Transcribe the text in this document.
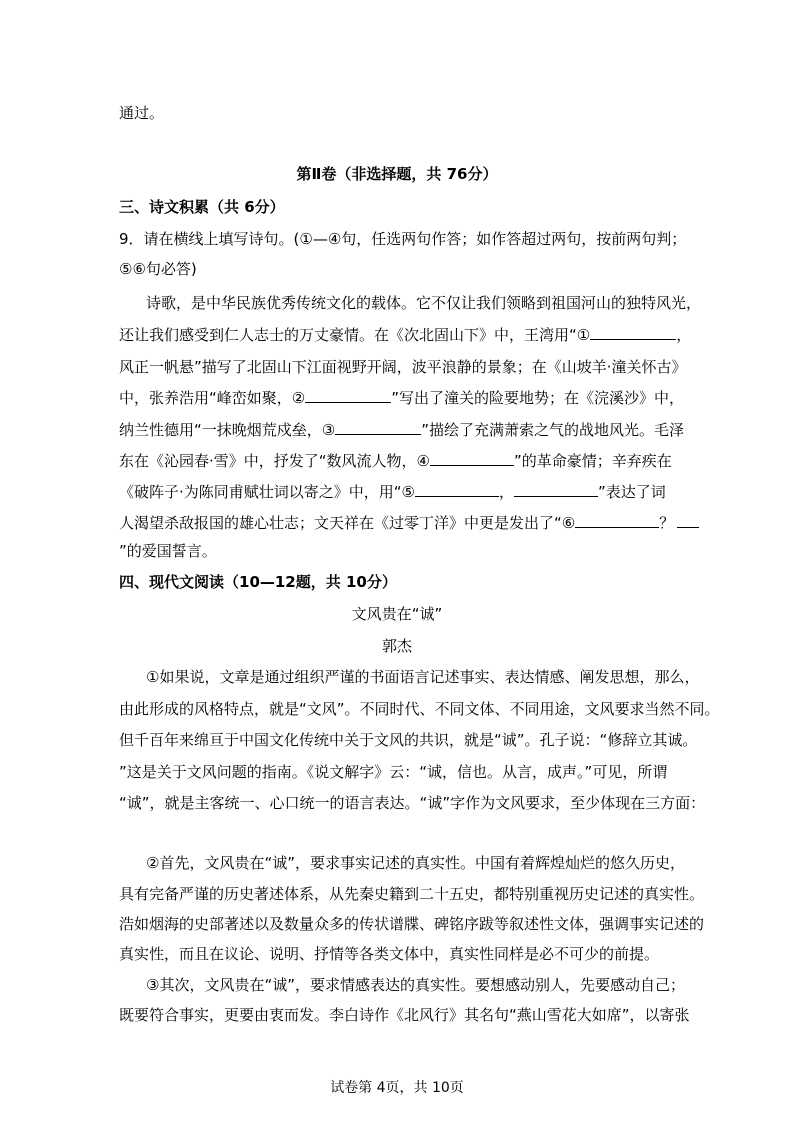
通过。
第Ⅱ卷（非选择题，共 76分）
三、诗文积累（共 6分）
9．请在横线上填写诗句。(①—④句，任选两句作答；如作答超过两句，按前两句判；
⑤⑥句必答)
诗歌，是中华民族优秀传统文化的载体。它不仅让我们领略到祖国河山的独特风光，
还让我们感受到仁人志士的万丈豪情。在《次北固山下》中，王湾用“①	，
风正一帆悬”描写了北固山下江面视野开阔，波平浪静的景象；在《山坡羊·潼关怀古》
中，张养浩用“峰峦如聚，②	”写出了潼关的险要地势；在《浣溪沙》中，
纳兰性德用“一抹晚烟荒戍垒，③	”描绘了充满萧索之气的战地风光。毛泽
东在《沁园春·雪》中，抒发了“数风流人物，④	”的革命豪情；辛弃疾在
《破阵子·为陈同甫赋壮词以寄之》中，用“⑤	，	”表达了词
人渴望杀敌报国的雄心壮志；文天祥在《过零丁洋》中更是发出了“⑥	？
”的爱国誓言。
四、现代文阅读（10—12题，共 10分）
文风贵在“诚”
郭杰
①如果说，文章是通过组织严谨的书面语言记述事实、表达情感、阐发思想，那么，
由此形成的风格特点，就是“文风”。不同时代、不同文体、不同用途，文风要求当然不同。
但千百年来绵亘于中国文化传统中关于文风的共识，就是“诚”。孔子说：“修辞立其诚。
”这是关于文风问题的指南。《说文解字》云：“诚，信也。从言，成声。”可见，所谓
“诚”，就是主客统一、心口统一的语言表达。“诚”字作为文风要求，至少体现在三方面：
②首先，文风贵在“诚”，要求事实记述的真实性。中国有着辉煌灿烂的悠久历史，
具有完备严谨的历史著述体系，从先秦史籍到二十五史，都特别重视历史记述的真实性。
浩如烟海的史部著述以及数量众多的传状谱牒、碑铭序跋等叙述性文体，强调事实记述的
真实性，而且在议论、说明、抒情等各类文体中，真实性同样是必不可少的前提。
③其次，文风贵在“诚”，要求情感表达的真实性。要想感动别人，先要感动自己；
既要符合事实，更要由衷而发。李白诗作《北风行》其名句“燕山雪花大如席”，以寄张
试卷第 4页，共 10页
